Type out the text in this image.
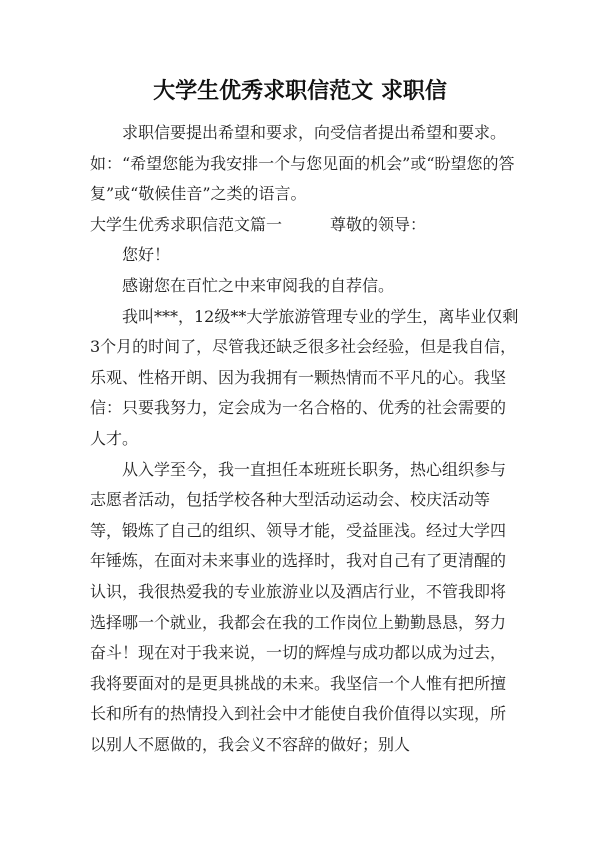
大学生优秀求职信范文 求职信

求职信要提出希望和要求，向受信者提出希望和要求。如：“希望您能为我安排一个与您见面的机会”或“盼望您的答复”或“敬候佳音”之类的语言。

大学生优秀求职信范文篇一	尊敬的领导：

您好！

感谢您在百忙之中来审阅我的自荐信。

我叫***，12级**大学旅游管理专业的学生，离毕业仅剩3个月的时间了，尽管我还缺乏很多社会经验，但是我自信，乐观、性格开朗、因为我拥有一颗热情而不平凡的心。我坚信：只要我努力，定会成为一名合格的、优秀的社会需要的人才。

从入学至今，我一直担任本班班长职务，热心组织参与志愿者活动，包括学校各种大型活动运动会、校庆活动等等，锻炼了自己的组织、领导才能，受益匪浅。经过大学四年锤炼，在面对未来事业的选择时，我对自己有了更清醒的认识，我很热爱我的专业旅游业以及酒店行业，不管我即将选择哪一个就业，我都会在我的工作岗位上勤勤恳恳，努力奋斗！现在对于我来说，一切的辉煌与成功都以成为过去，我将要面对的是更具挑战的未来。我坚信一个人惟有把所擅长和所有的热情投入到社会中才能使自我价值得以实现，所以别人不愿做的，我会义不容辞的做好；别人
